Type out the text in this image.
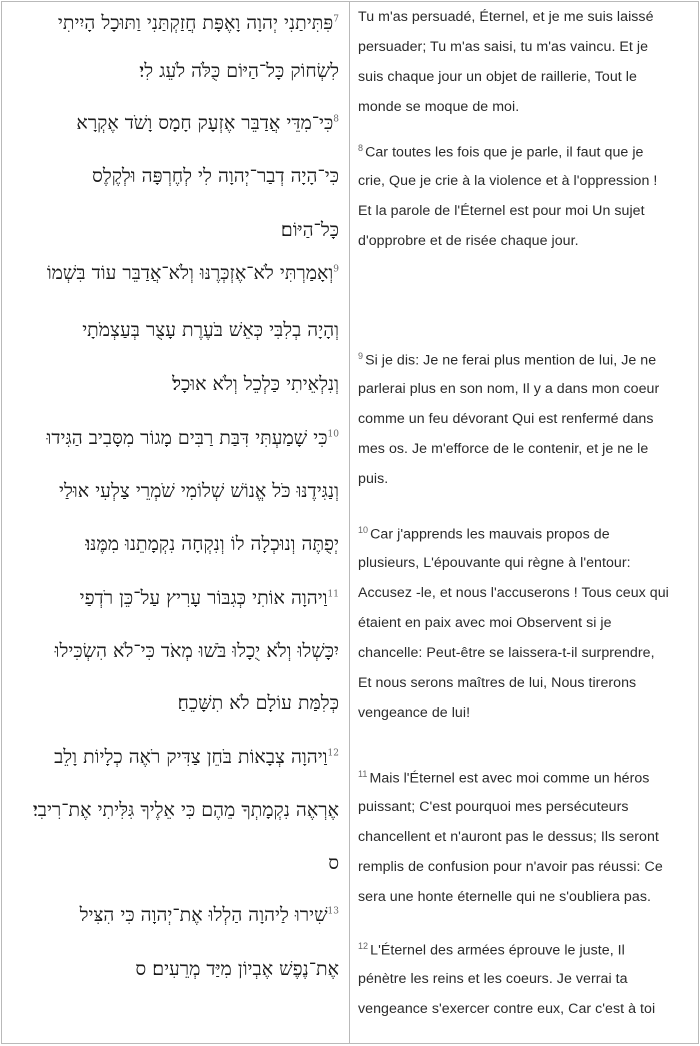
$^7$פִּתִּיתַנִי יְהוָה וָאֶפָּת חֲזַקְתַּנִי וַתּוּכָל הָיִיתִי
לִשְׂחוֹק כָּל־הַיּוֹם כֻּלֹּה לֹעֵג לִי׃
$^8$כִּי־מִדֵּי אֲדַבֵּר אֶזְעָק חָמָס וָשֹׁד אֶקְרָא
כִּי־הָיָה דְבַר־יְהוָה לִי לְחֶרְפָּה וּלְקֶלֶס
כָּל־הַיּוֹם׃
$^9$וְאָמַרְתִּי לֹא־אֶזְכְּרֶנּוּ וְלֹא־אֲדַבֵּר עוֹד בִּשְׁמוֹ
וְהָיָה בְלִבִּי כְּאֵשׁ בֹּעֶרֶת עָצֻר בְּעַצְמֹתָי
וְנִלְאֵיתִי כַּלְכֵל וְלֹא אוּכָל׃
$^{10}$כִּי שָׁמַעְתִּי דִּבַּת רַבִּים מָגוֹר מִסָּבִיב הַגִּידוּ
וְנַגִּידֶנּוּ כֹּל אֱנוֹשׁ שְׁלוֹמִי שֹׁמְרֵי צַלְעִי אוּלַי
יְפֻתֶּה וְנוּכְלָה לוֹ וְנִקְחָה נִקְמָתֵנוּ מִמֶּנּוּ׃
$^{11}$וַיהוָה אוֹתִי כְּגִבּוֹר עָרִיץ עַל־כֵּן רֹדְפַי
יִכָּשְׁלוּ וְלֹא יֻכָלוּ בֹּשׁוּ מְאֹד כִּי־לֹא הִשְׂכִּילוּ
כְּלִמַּת עוֹלָם לֹא תִשָּׁכֵחַ׃
$^{12}$וַיהוָה צְבָאוֹת בֹּחֵן צַדִּיק רֹאֶה כְלָיוֹת וָלֵב
אֶרְאֶה נִקְמָתְךָ מֵהֶם כִּי אֵלֶיךָ גִּלִּיתִי אֶת־רִיבִי׃
ס
$^{13}$שִׁירוּ לַיהוָה הַלְלוּ אֶת־יְהוָה כִּי הִצִּיל
אֶת־נֶפֶשׁ אֶבְיוֹן מִיַּד מְרֵעִים׃ ס
Tu m'as persuadé, Éternel, et je me suis laissé
persuader; Tu m'as saisi, tu m'as vaincu. Et je
suis chaque jour un objet de raillerie, Tout le
monde se moque de moi.
$^8$ Car toutes les fois que je parle, il faut que je
crie, Que je crie à la violence et à l'oppression !
Et la parole de l'Éternel est pour moi Un sujet
d'opprobre et de risée chaque jour.
$^9$ Si je dis: Je ne ferai plus mention de lui, Je ne
parlerai plus en son nom, Il y a dans mon coeur
comme un feu dévorant Qui est renfermé dans
mes os. Je m'efforce de le contenir, et je ne le
puis.
$^{10}$ Car j'apprends les mauvais propos de
plusieurs, L'épouvante qui règne à l'entour:
Accusez -le, et nous l'accuserons ! Tous ceux qui
étaient en paix avec moi Observent si je
chancelle: Peut-être se laissera-t-il surprendre,
Et nous serons maîtres de lui, Nous tirerons
vengeance de lui!
$^{11}$ Mais l'Éternel est avec moi comme un héros
puissant; C'est pourquoi mes persécuteurs
chancellent et n'auront pas le dessus; Ils seront
remplis de confusion pour n'avoir pas réussi: Ce
sera une honte éternelle qui ne s'oubliera pas.
$^{12}$ L'Éternel des armées éprouve le juste, Il
pénètre les reins et les coeurs. Je verrai ta
vengeance s'exercer contre eux, Car c'est à toi
